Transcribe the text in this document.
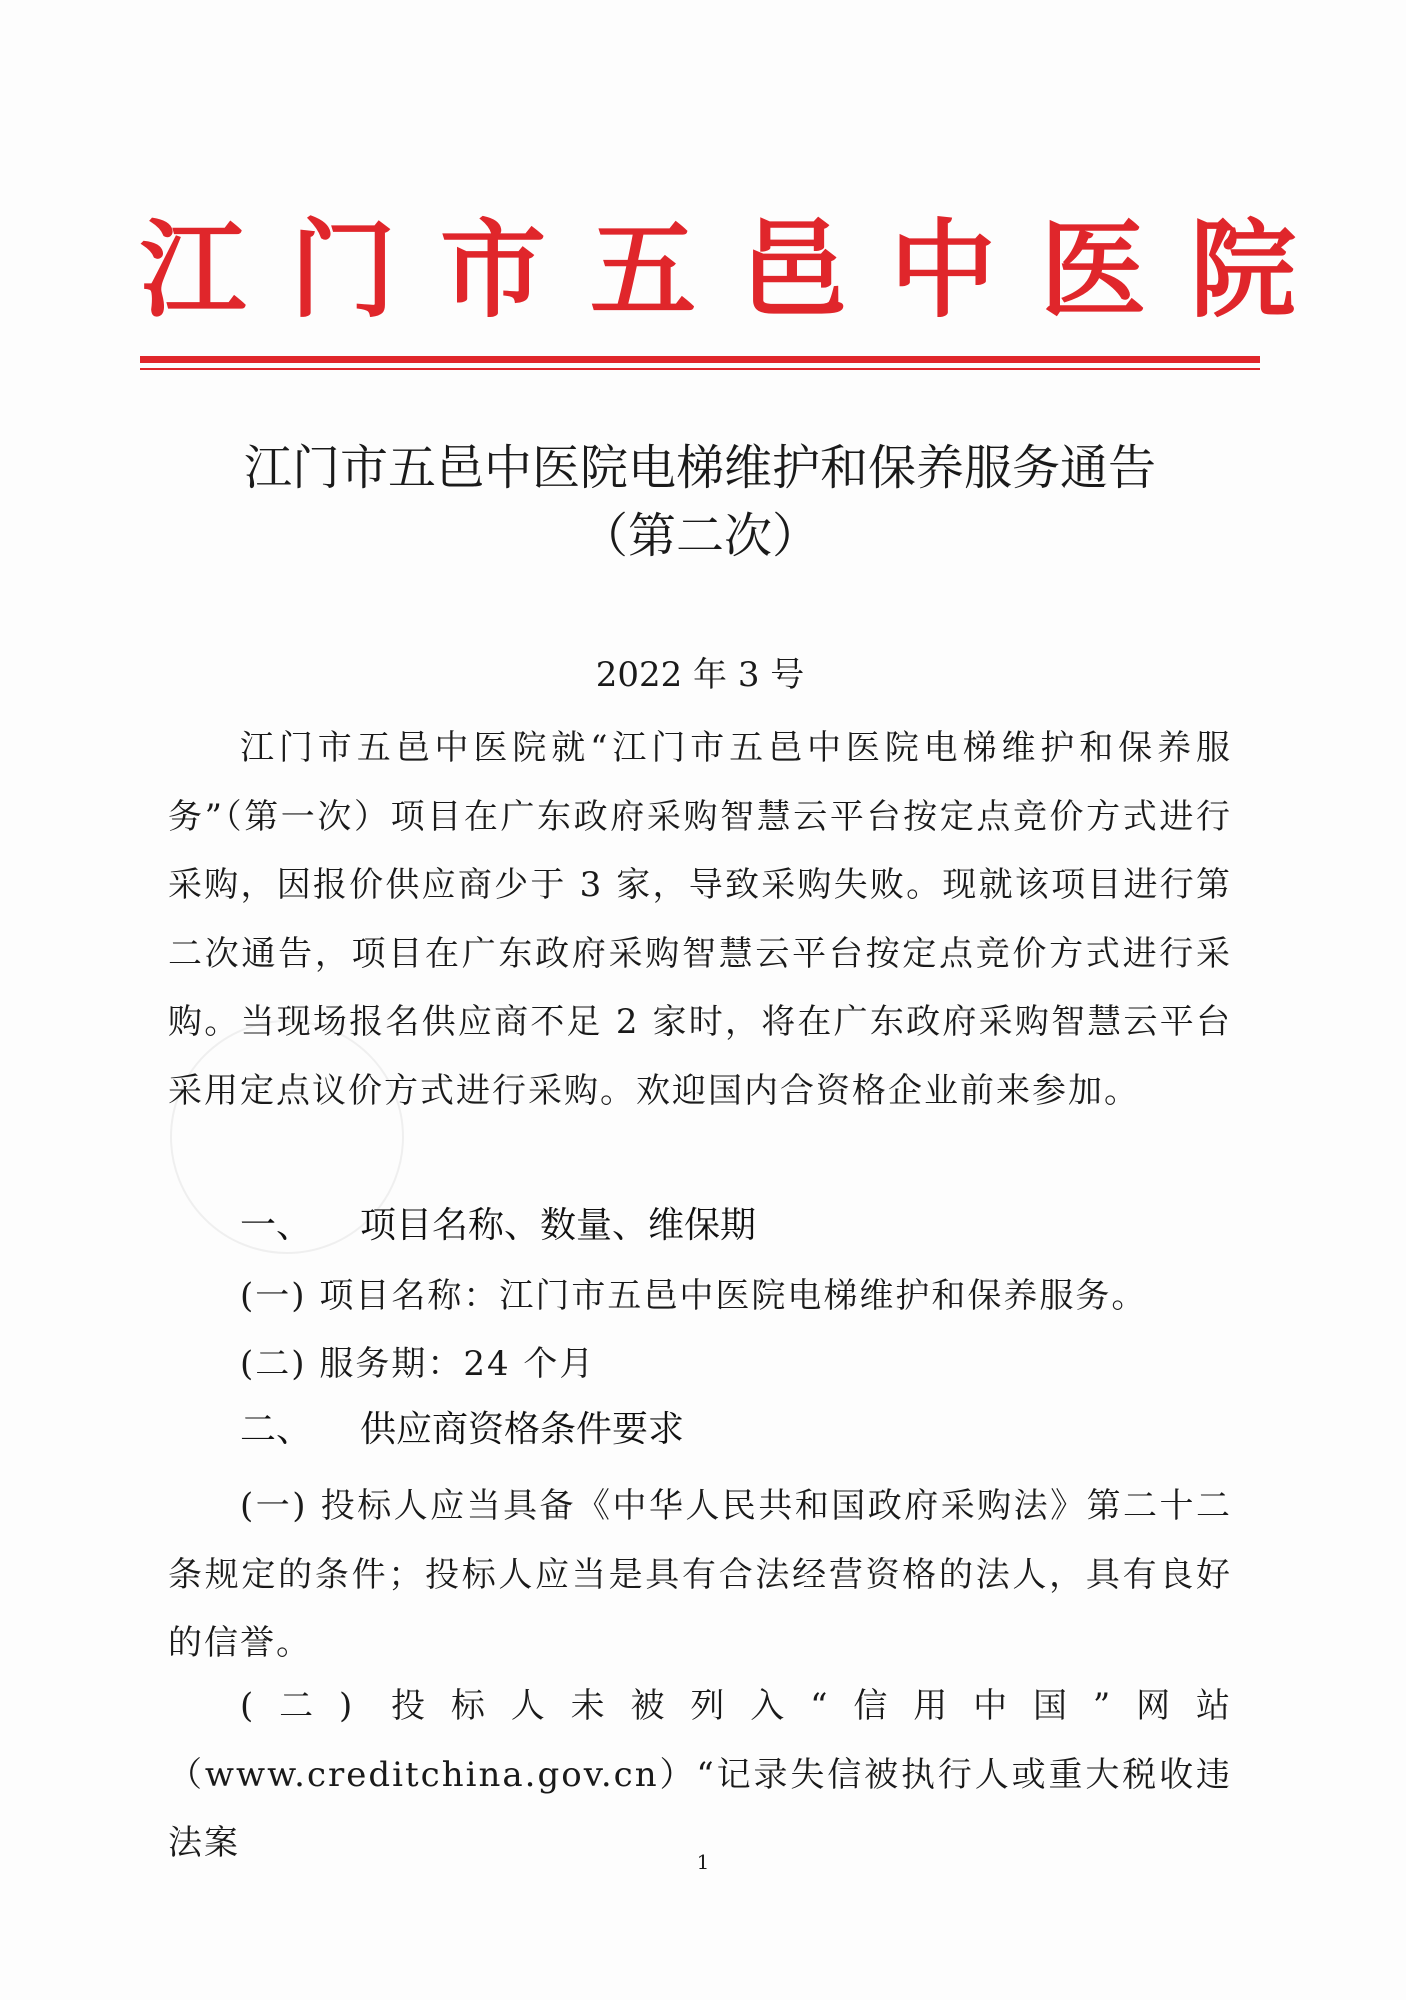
江门市五邑中医院
江门市五邑中医院电梯维护和保养服务通告
（第二次）
2022 年 3 号

江门市五邑中医院就“江门市五邑中医院电梯维护和保养服务”（第一次）项目在广东政府采购智慧云平台按定点竞价方式进行采购，因报价供应商少于 3 家，导致采购失败。现就该项目进行第二次通告，项目在广东政府采购智慧云平台按定点竞价方式进行采购。当现场报名供应商不足 2 家时，将在广东政府采购智慧云平台采用定点议价方式进行采购。欢迎国内合资格企业前来参加。

一、 项目名称、数量、维保期
(一) 项目名称：江门市五邑中医院电梯维护和保养服务。
(二) 服务期：24 个月
二、 供应商资格条件要求

(一) 投标人应当具备《中华人民共和国政府采购法》第二十二条规定的条件；投标人应当是具有合法经营资格的法人，具有良好的信誉。

(二) 投标人未被列入“信用中国”网站（www.creditchina.gov.cn）“记录失信被执行人或重大税收违法案	1
